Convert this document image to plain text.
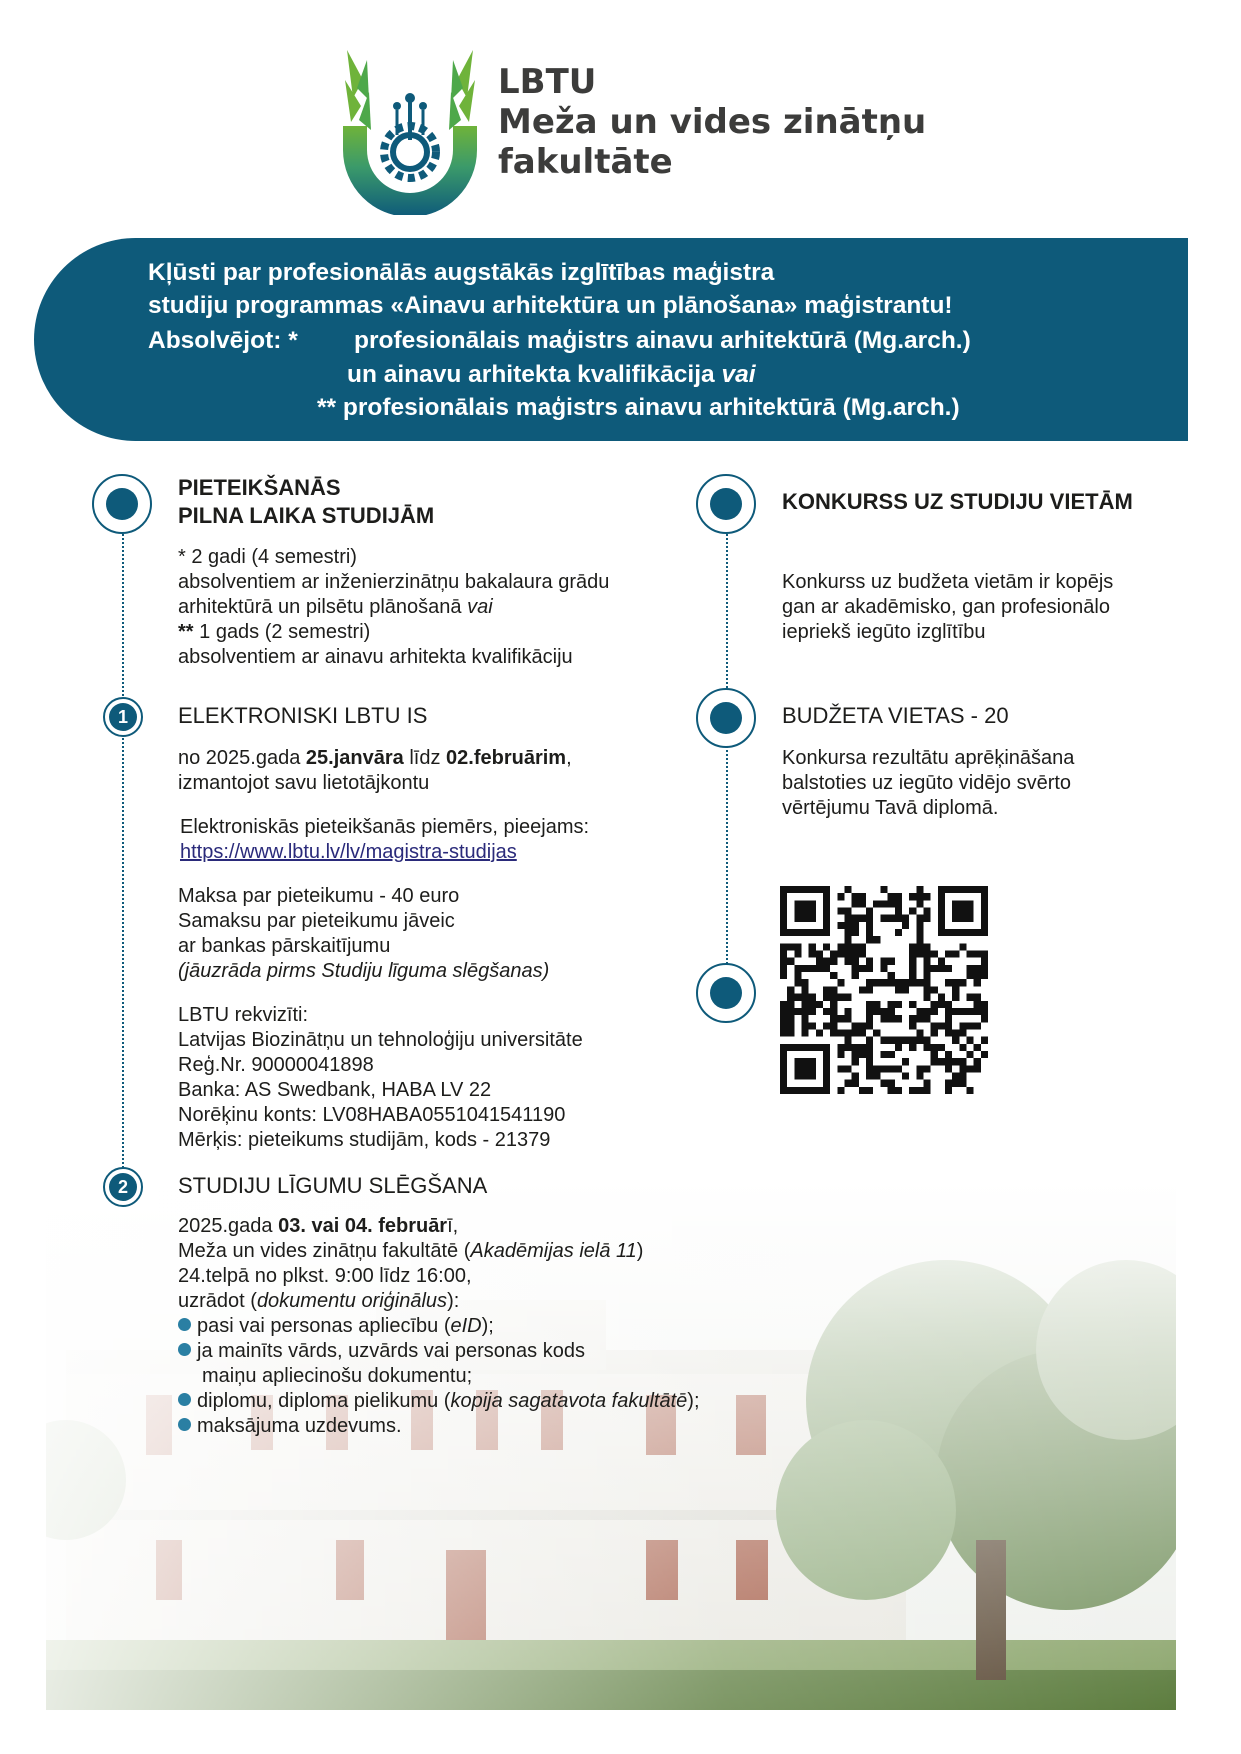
LBTU
Meža un vides zinātņu
fakultāte
Kļūsti par profesionālās augstākās izglītības maģistra
studiju programmas «Ainavu arhitektūra un plānošana» maģistrantu!
Absolvējot: * profesionālais maģistrs ainavu arhitektūrā (Mg.arch.)
un ainavu arhitekta kvalifikācija vai
** profesionālais maģistrs ainavu arhitektūrā (Mg.arch.)
PIETEIKŠANĀS
PILNA LAIKA STUDIJĀM
* 2 gadi (4 semestri)
absolventiem ar inženierzinātņu bakalaura grādu
arhitektūrā un pilsētu plānošanā vai
** 1 gads (2 semestri)
absolventiem ar ainavu arhitekta kvalifikāciju
1	ELEKTRONISKI LBTU IS
no 2025.gada 25.janvāra līdz 02.februārim,
izmantojot savu lietotājkontu
Elektroniskās pieteikšanās piemērs, pieejams:
https://www.lbtu.lv/lv/magistra-studijas
Maksa par pieteikumu - 40 euro
Samaksu par pieteikumu jāveic
ar bankas pārskaitījumu
(jāuzrāda pirms Studiju līguma slēgšanas)
LBTU rekvizīti:
Latvijas Biozinātņu un tehnoloģiju universitāte
Reģ.Nr. 90000041898
Banka: AS Swedbank, HABA LV 22
Norēķinu konts: LV08HABA0551041541190
Mērķis: pieteikums studijām, kods - 21379
2	STUDIJU LĪGUMU SLĒGŠANA
2025.gada 03. vai 04. februārī,
Meža un vides zinātņu fakultātē (Akadēmijas ielā 11)
24.telpā no plkst. 9:00 līdz 16:00,
uzrādot (dokumentu oriģinālus):
pasi vai personas apliecību (eID);
ja mainīts vārds, uzvārds vai personas kods
maiņu apliecinošu dokumentu;
diplomu, diploma pielikumu (kopija sagatavota fakultātē);
maksājuma uzdevums.
KONKURSS UZ STUDIJU VIETĀM
Konkurss uz budžeta vietām ir kopējs
gan ar akadēmisko, gan profesionālo
iepriekš iegūto izglītību
BUDŽETA VIETAS - 20
Konkursa rezultātu aprēķināšana
balstoties uz iegūto vidējo svērto
vērtējumu Tavā diplomā.
